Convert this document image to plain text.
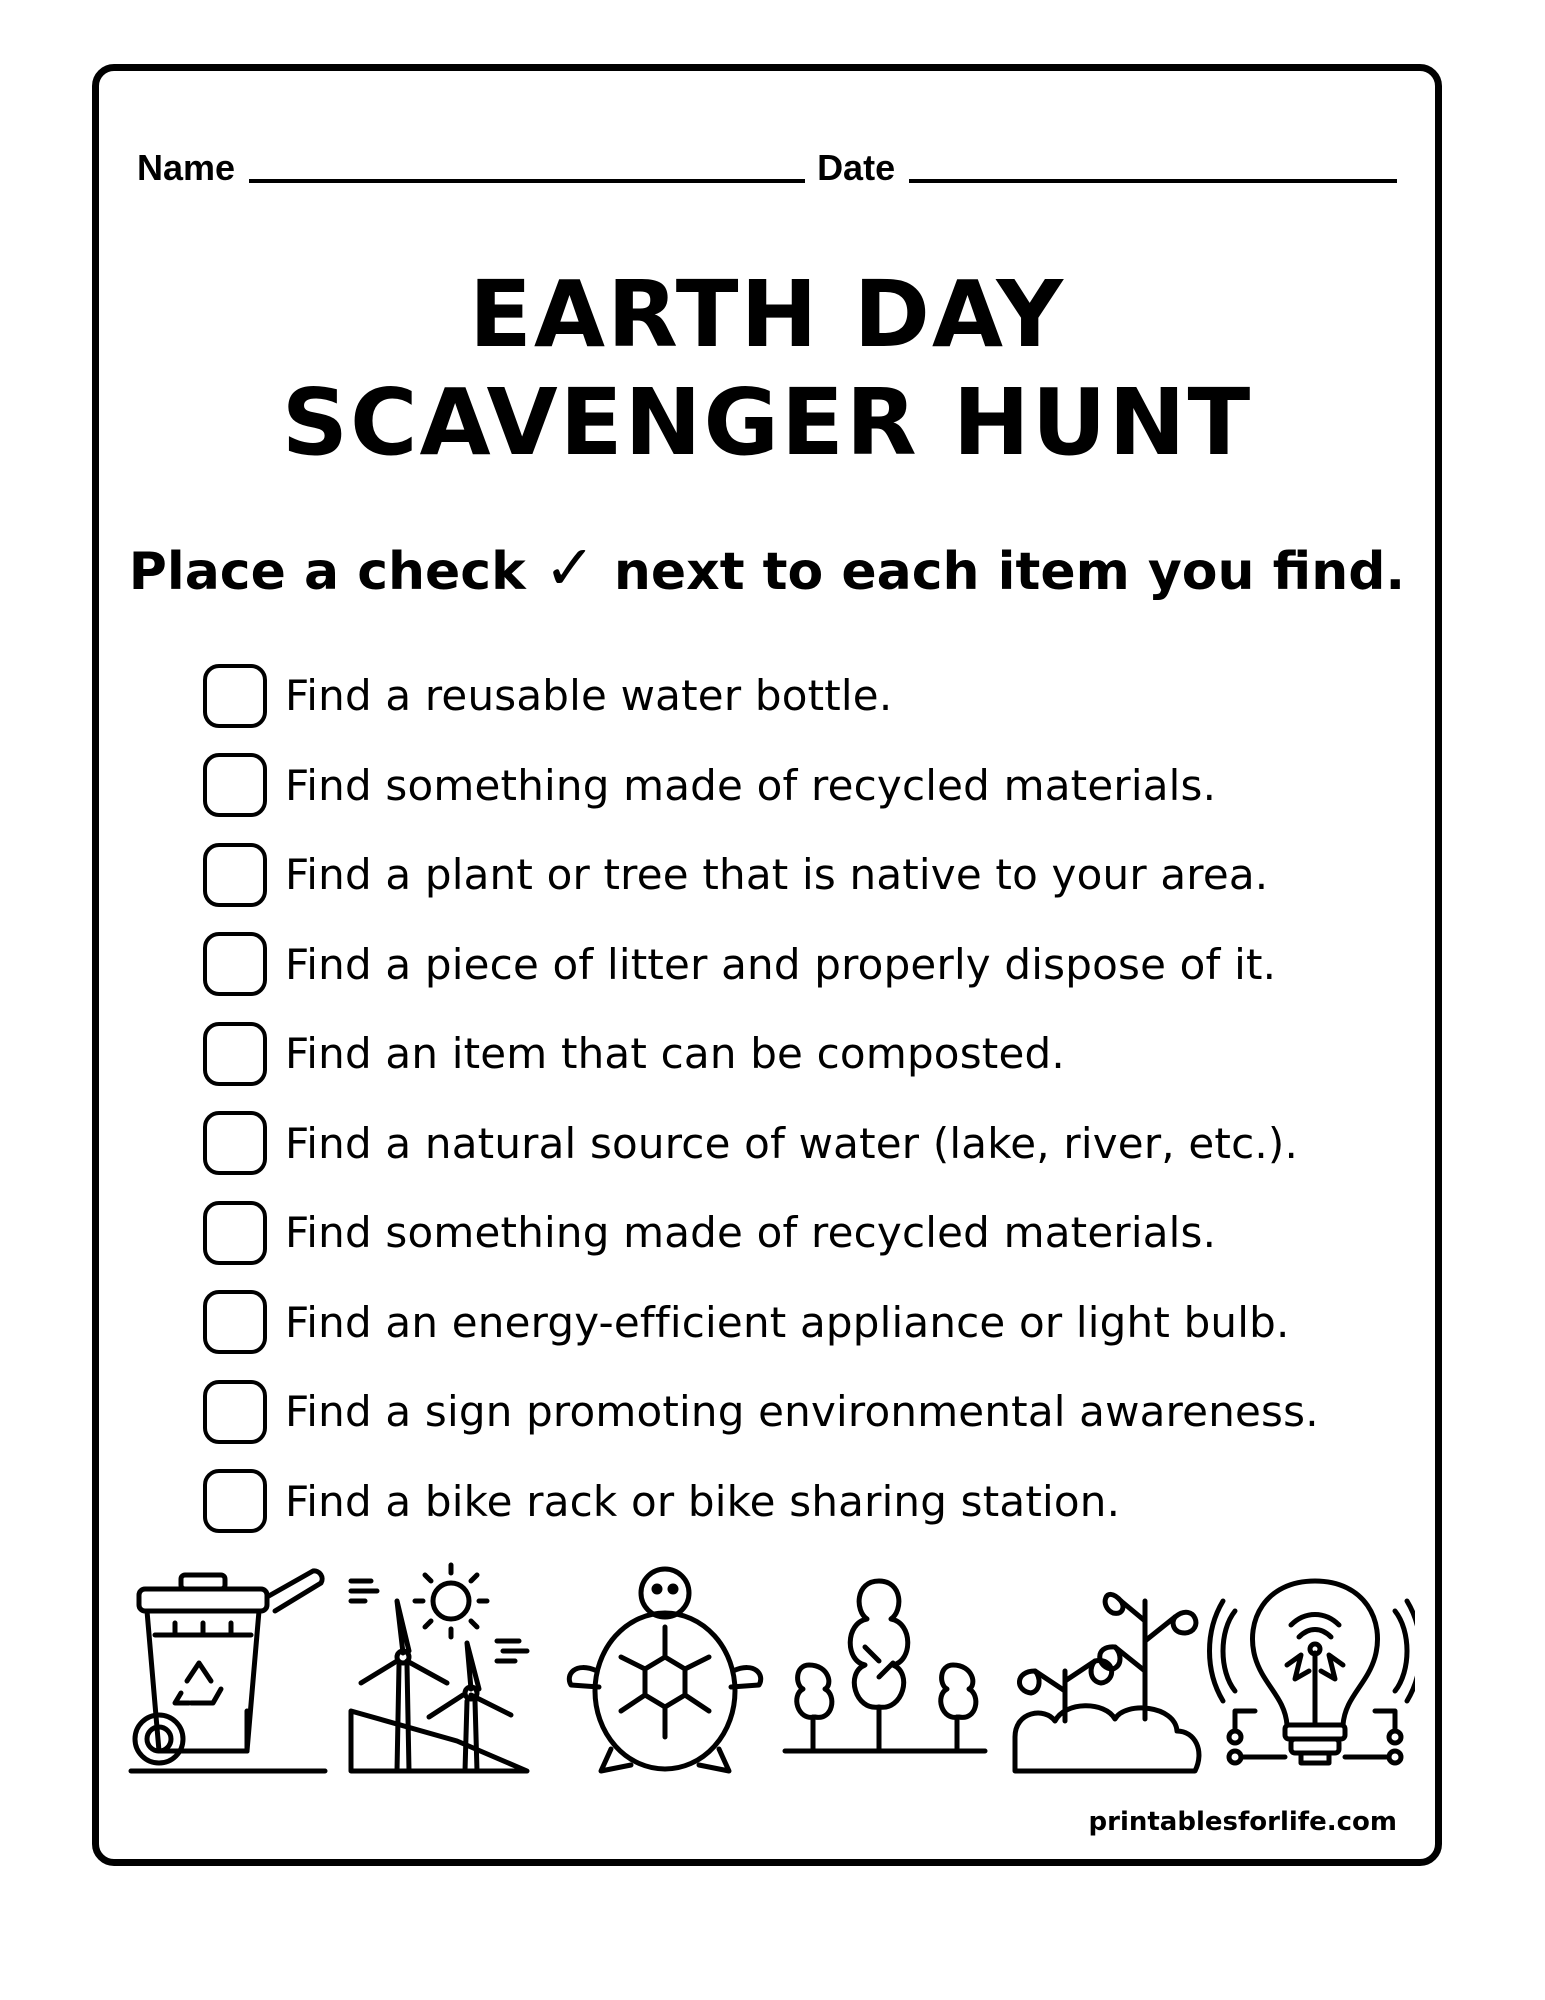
Name	Date
EARTH DAY
SCAVENGER HUNT
Place a check ✓ next to each item you find.
Find a reusable water bottle.
Find something made of recycled materials.
Find a plant or tree that is native to your area.
Find a piece of litter and properly dispose of it.
Find an item that can be composted.
Find a natural source of water (lake, river, etc.).
Find something made of recycled materials.
Find an energy-efficient appliance or light bulb.
Find a sign promoting environmental awareness.
Find a bike rack or bike sharing station.
printablesforlife.com
